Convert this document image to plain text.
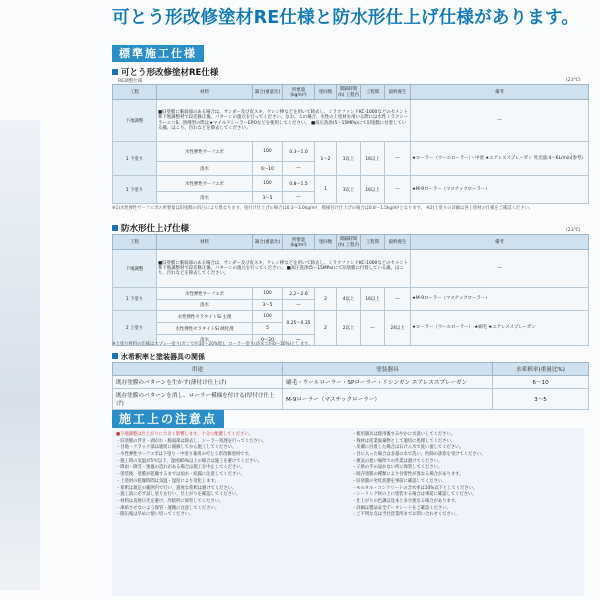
可とう形改修塗材RE仕様と防水形仕上げ仕様があります。
標準施工仕様
可とう形改修塗材RE仕様
RE調整仕様	(23℃)
工程	材料	調合(重量比)	所要量(kg/m²)	塗回数	間隔時間(h) 工程内	工程間	最終養生	備考
下地調整	■旧塗膜に脆弱部のある場合は、サンダー及び皮スキ、ケレン棒などを用いて除去し、ミラクファンドKC-1000などのセメント系下地調整材で段差修正後、パターンの復元を行ってください。なお、この場合、水性の上塗材を用いる際には水性ミラクシーラーエコS、溶剤型の際は★マイルドシーラーEPOなどを使用してください。 ■高圧洗浄(5～15MPa)にて旧塗膜に付着している藻、ほこり、汚れなどを除去してください。							―
1 下塗り	水性弾性サーフエポ	100	0.3～1.0	1～2	3以上	16以上	―	★ローラー（ウールローラー）・中塗 ★エアレススプレーガン 吐出量:4～6L/min(参考)
	清水	6～10	―					
1 下塗り	水性弾性サーフエポ	100	0.8～1.5	1	3以上	16以上	―	★M-9ローラー（マスチックローラー）
	清水	3～5	―					
※1)水性弾性サーフエポの所要量は旧塗膜の凹凸により異なります。塗付け仕上げの場合は0.3～1.0kg/m²、模様付け仕上げの場合は0.8～1.5kg/m²となります。 ※2)上塗りの詳細は各上塗材の仕様をご確認ください。
防水形仕上げ仕様	(23℃)
工程	材料	調合(重量比)	所要量(kg/m²)	塗回数	間隔時間(h) 工程内	工程間	最終養生	備考
下地調整	■旧塗膜に脆弱部のある場合は、サンダー及び皮スキ、ケレン棒などを用いて除去し、ミラクファンドKC-1000などのセメント系下地調整材で段差修正後、パターンの復元を行ってください。 ■高圧洗浄(5～15MPa)にて旧塗膜に付着している藻、ほこり、汚れなどを除去してください。							―
1 下塗り	水性弾性サーフエポ	100	2.2～2.6	2	4以上	16以上	―	★M-9ローラー（マスチックローラー）
	清水	3～5	―					
2 上塗り	水性弾性セラタイトSi 主剤	100	0.25～0.35	2	2以上	―	24以上	★ローラー（ウールローラー） ★刷毛 ★エアレススプレーガン
	水性弾性セラタイトSi 硬化剤	5						
	清水	0～20	―					
※上塗り材料の仕様はスプレー塗り(ガンで約10～20%程)、ローラー塗り(清水で約0～10%)とします。
水希釈率と塗装器具の関係
用途	塗装器具	水希釈率(重量比%)
既存塗膜のパターンを生かす(薄付け仕上げ)	刷毛・ウールローラー・SPローラー・リシンガン エアレススプレーガン	6～10
既存塗膜のパターンを消し、ローラー模様を付ける(厚付け仕上げ)	M-9ローラー（マスチックローラー）	3～5
施工上の注意点

■下地調整は仕上がりに大きく影響します。十分に配慮してください。

・旧塗膜の浮き・剥がれ・脆弱部は除去し、シーラー処理を行ってください。

・目地・クラック部は適切に補修してから施工してください。

・水性弾性サーフエポは下塗り・中塗り兼用の可とう形改修塗材です。

・施工時の気温が5℃以下、湿度85%以上の場合は施工を避けてください。

・降雨・降雪・強風の恐れがある場合は施工を中止してください。

・塗装後、塗膜が乾燥するまでは雨水・結露に注意してください。

・上塗材の乾燥時間は気温・湿度により変化します。

・希釈は規定の範囲内で行い、過度な希釈は避けてください。

・施工前に必ず試し塗りを行い、仕上がりを確認してください。

・材料は直射日光を避け、冷暗所に保管してください。

・凍結させないよう保管・運搬に注意してください。

・開缶後は早めに使い切ってください。

・使用器具は使用後すみやかに水洗いしてください。

・残材は産業廃棄物として適切に処理してください。

・皮膚に付着した場合は石けん水で洗い流してください。

・目に入った場合は多量の水で洗い、医師の診察を受けてください。

・換気の悪い場所での作業は避けてください。

・子供の手の届かない所に保管してください。

・既存塗膜の種類により付着性が異なる場合があります。

・旧塗膜の劣化状態を事前に確認してください。

・モルタル・コンクリートの含水率は10%以下としてください。

・シーリング材の上に塗装する場合は事前に確認してください。

・仕上がりの色調は見本と多少異なる場合があります。

・詳細は製品安全データシートをご確認ください。

・ご不明な点は当社営業所までお問い合わせください。
